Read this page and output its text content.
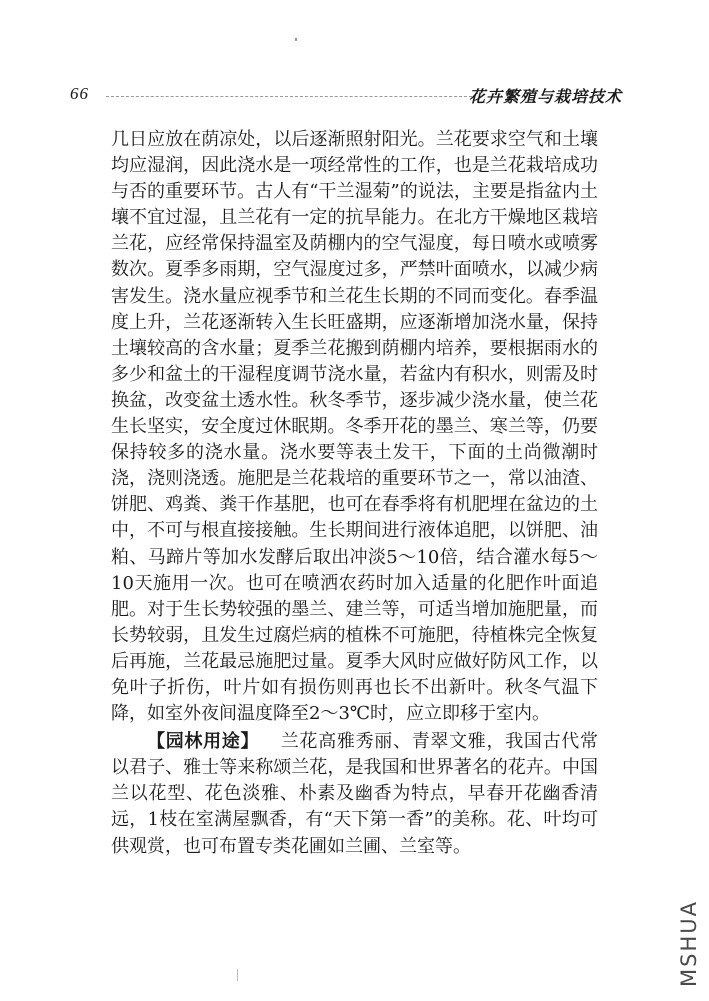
66	花卉繁殖与栽培技术

几日应放在荫凉处，以后逐渐照射阳光。兰花要求空气和土壤均应湿润，因此浇水是一项经常性的工作，也是兰花栽培成功与否的重要环节。古人有“干兰湿菊”的说法，主要是指盆内土壤不宜过湿，且兰花有一定的抗旱能力。在北方干燥地区栽培兰花，应经常保持温室及荫棚内的空气湿度，每日喷水或喷雾数次。夏季多雨期，空气湿度过多，严禁叶面喷水，以减少病害发生。浇水量应视季节和兰花生长期的不同而变化。春季温度上升，兰花逐渐转入生长旺盛期，应逐渐增加浇水量，保持土壤较高的含水量；夏季兰花搬到荫棚内培养，要根据雨水的多少和盆土的干湿程度调节浇水量，若盆内有积水，则需及时换盆，改变盆土透水性。秋冬季节，逐步减少浇水量，使兰花生长坚实，安全度过休眠期。冬季开花的墨兰、寒兰等，仍要保持较多的浇水量。浇水要等表土发干，下面的土尚微潮时浇，浇则浇透。施肥是兰花栽培的重要环节之一，常以油渣、饼肥、鸡粪、粪干作基肥，也可在春季将有机肥埋在盆边的土中，不可与根直接接触。生长期间进行液体追肥，以饼肥、油粕、马蹄片等加水发酵后取出冲淡5～10倍，结合灌水每5～10天施用一次。也可在喷洒农药时加入适量的化肥作叶面追肥。对于生长势较强的墨兰、建兰等，可适当增加施肥量，而长势较弱，且发生过腐烂病的植株不可施肥，待植株完全恢复后再施，兰花最忌施肥过量。夏季大风时应做好防风工作，以免叶子折伤，叶片如有损伤则再也长不出新叶。秋冬气温下降，如室外夜间温度降至2～3℃时，应立即移于室内。

【园林用途】 兰花高雅秀丽、青翠文雅，我国古代常以君子、雅士等来称颂兰花，是我国和世界著名的花卉。中国兰以花型、花色淡雅、朴素及幽香为特点，早春开花幽香清远，1枝在室满屋飘香，有“天下第一香”的美称。花、叶均可供观赏，也可布置专类花圃如兰圃、兰室等。

MSHUA
